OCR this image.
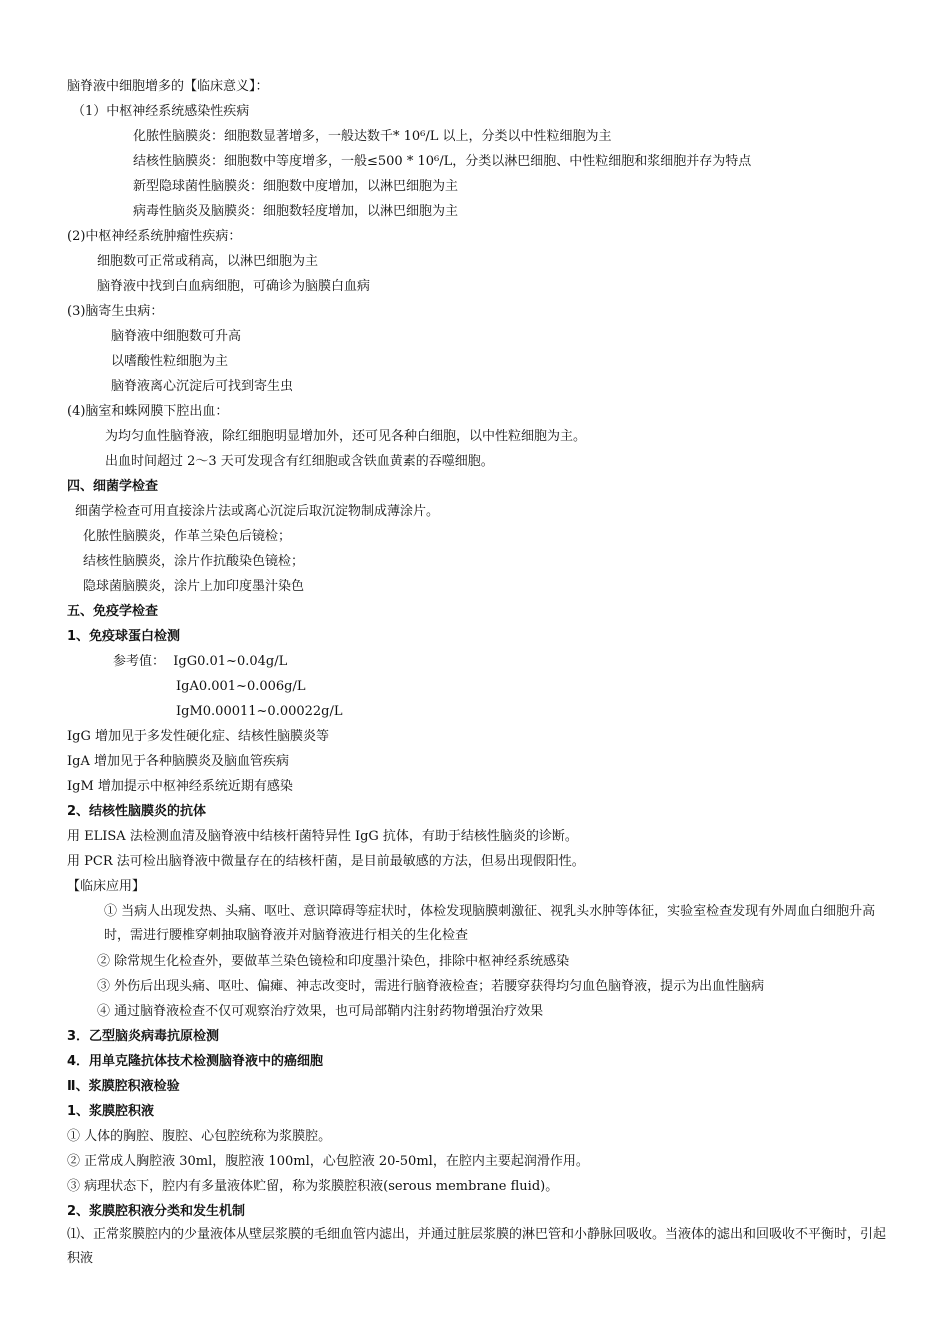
脑脊液中细胞增多的【临床意义】：
（1）中枢神经系统感染性疾病
化脓性脑膜炎：细胞数显著增多，一般达数千* 10⁶/L 以上，分类以中性粒细胞为主
结核性脑膜炎：细胞数中等度增多，一般≤500 * 10⁶/L，分类以淋巴细胞、中性粒细胞和浆细胞并存为特点
新型隐球菌性脑膜炎：细胞数中度增加，以淋巴细胞为主
病毒性脑炎及脑膜炎：细胞数轻度增加，以淋巴细胞为主
(2)中枢神经系统肿瘤性疾病：
细胞数可正常或稍高，以淋巴细胞为主
脑脊液中找到白血病细胞，可确诊为脑膜白血病
(3)脑寄生虫病：
脑脊液中细胞数可升高
以嗜酸性粒细胞为主
脑脊液离心沉淀后可找到寄生虫
(4)脑室和蛛网膜下腔出血：
为均匀血性脑脊液，除红细胞明显增加外，还可见各种白细胞，以中性粒细胞为主。
出血时间超过 2～3 天可发现含有红细胞或含铁血黄素的吞噬细胞。
四、细菌学检查
细菌学检查可用直接涂片法或离心沉淀后取沉淀物制成薄涂片。
化脓性脑膜炎，作革兰染色后镜检；
结核性脑膜炎，涂片作抗酸染色镜检；
隐球菌脑膜炎，涂片上加印度墨汁染色
五、免疫学检查
1、免疫球蛋白检测
参考值：  IgG0.01~0.04g/L
IgA0.001~0.006g/L
IgM0.00011~0.00022g/L
IgG 增加见于多发性硬化症、结核性脑膜炎等
IgA 增加见于各种脑膜炎及脑血管疾病
IgM 增加提示中枢神经系统近期有感染
2、结核性脑膜炎的抗体
用 ELISA 法检测血清及脑脊液中结核杆菌特异性 IgG 抗体，有助于结核性脑炎的诊断。
用 PCR 法可检出脑脊液中微量存在的结核杆菌，是目前最敏感的方法，但易出现假阳性。
【临床应用】
① 当病人出现发热、头痛、呕吐、意识障碍等症状时，体检发现脑膜刺激征、视乳头水肿等体征，实验室检查发现有外周血白细胞升高时，需进行腰椎穿刺抽取脑脊液并对脑脊液进行相关的生化检查
② 除常规生化检查外，要做革兰染色镜检和印度墨汁染色，排除中枢神经系统感染
③ 外伤后出现头痛、呕吐、偏瘫、神志改变时，需进行脑脊液检查；若腰穿获得均匀血色脑脊液，提示为出血性脑病
④ 通过脑脊液检查不仅可观察治疗效果，也可局部鞘内注射药物增强治疗效果
3．乙型脑炎病毒抗原检测
4．用单克隆抗体技术检测脑脊液中的癌细胞
Ⅱ、浆膜腔积液检验
1、浆膜腔积液
① 人体的胸腔、腹腔、心包腔统称为浆膜腔。
② 正常成人胸腔液 30ml，腹腔液 100ml，心包腔液 20-50ml，在腔内主要起润滑作用。
③ 病理状态下，腔内有多量液体贮留，称为浆膜腔积液(serous membrane fluid)。
2、浆膜腔积液分类和发生机制
⑴、正常浆膜腔内的少量液体从壁层浆膜的毛细血管内滤出，并通过脏层浆膜的淋巴管和小静脉回吸收。当液体的滤出和回吸收不平衡时，引起积液
